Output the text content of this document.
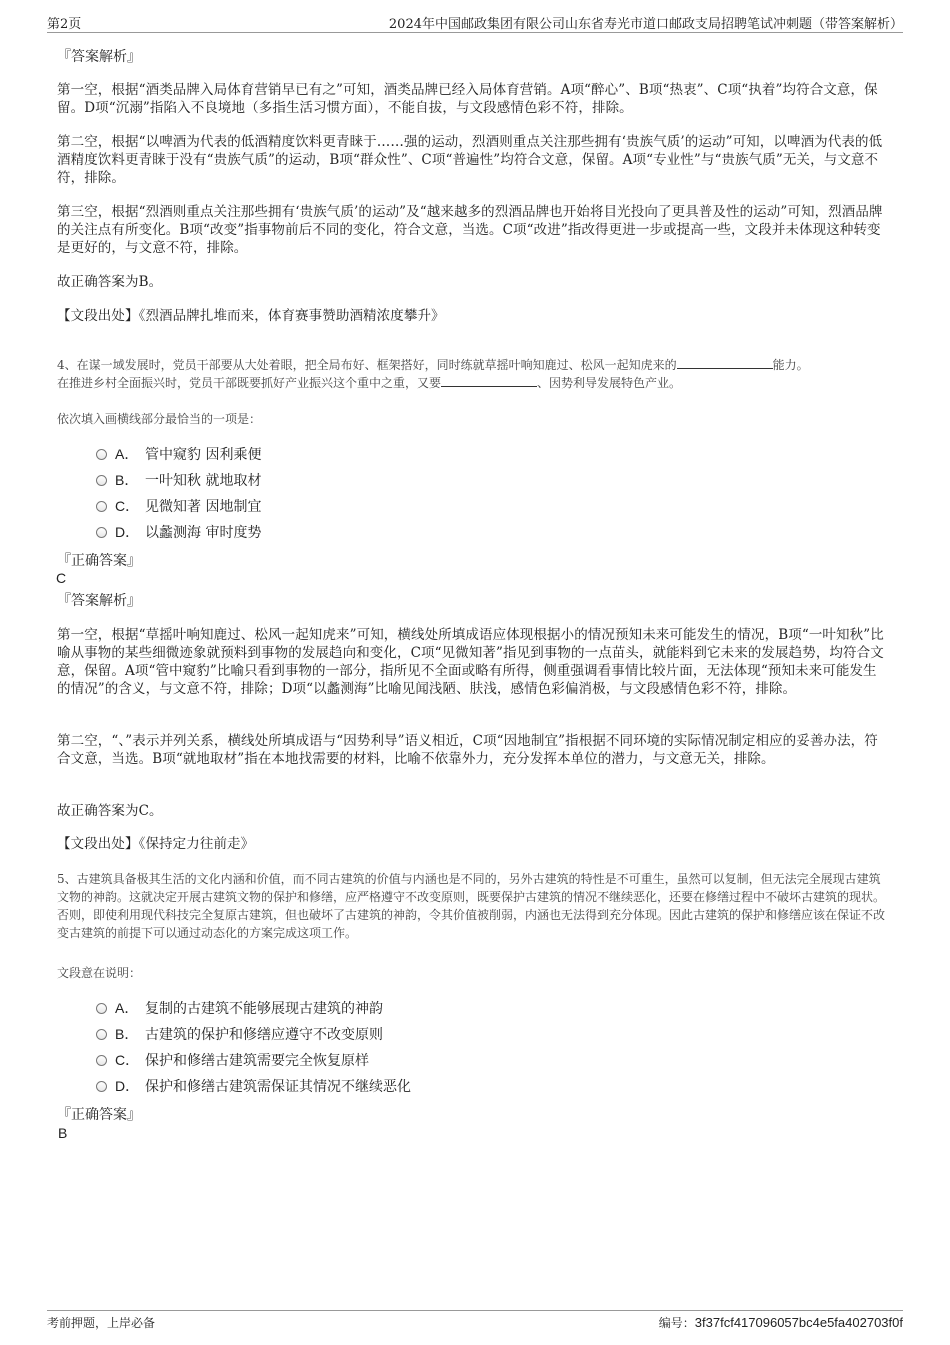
第2页	2024年中国邮政集团有限公司山东省寿光市道口邮政支局招聘笔试冲刺题（带答案解析）
『答案解析』
第一空，根据“酒类品牌入局体育营销早已有之”可知，酒类品牌已经入局体育营销。A项“醉心”、B项“热衷”、C项“执着”均符合文意，保留。D项“沉溺”指陷入不良境地（多指生活习惯方面），不能自拔，与文段感情色彩不符，排除。
第二空，根据“以啤酒为代表的低酒精度饮料更青睐于……强的运动，烈酒则重点关注那些拥有‘贵族气质’的运动”可知，以啤酒为代表的低酒精度饮料更青睐于没有“贵族气质”的运动，B项“群众性”、C项“普遍性”均符合文意，保留。A项“专业性”与“贵族气质”无关，与文意不符，排除。
第三空，根据“烈酒则重点关注那些拥有‘贵族气质’的运动”及“越来越多的烈酒品牌也开始将目光投向了更具普及性的运动”可知，烈酒品牌的关注点有所变化。B项“改变”指事物前后不同的变化，符合文意，当选。C项“改进”指改得更进一步或提高一些，文段并未体现这种转变是更好的，与文意不符，排除。
故正确答案为B。
【文段出处】《烈酒品牌扎堆而来，体育赛事赞助酒精浓度攀升》
4、在谋一域发展时，党员干部要从大处着眼，把全局布好、框架搭好，同时练就草摇叶响知鹿过、松风一起知虎来的	能力。
在推进乡村全面振兴时，党员干部既要抓好产业振兴这个重中之重，又要	、因势利导发展特色产业。
依次填入画横线部分最恰当的一项是：
A． 管中窥豹 因利乘便
B． 一叶知秋 就地取材
C． 见微知著 因地制宜
D． 以蠡测海 审时度势
『正确答案』
C
『答案解析』
第一空，根据“草摇叶响知鹿过、松风一起知虎来”可知，横线处所填成语应体现根据小的情况预知未来可能发生的情况，B项“一叶知秋”比喻从事物的某些细微迹象就预料到事物的发展趋向和变化，C项“见微知著”指见到事物的一点苗头，就能料到它未来的发展趋势，均符合文意，保留。A项“管中窥豹”比喻只看到事物的一部分，指所见不全面或略有所得，侧重强调看事情比较片面，无法体现“预知未来可能发生的情况”的含义，与文意不符，排除；D项“以蠡测海”比喻见闻浅陋、肤浅，感情色彩偏消极，与文段感情色彩不符，排除。
第二空，“、”表示并列关系，横线处所填成语与“因势利导”语义相近，C项“因地制宜”指根据不同环境的实际情况制定相应的妥善办法，符合文意，当选。B项“就地取材”指在本地找需要的材料，比喻不依靠外力，充分发挥本单位的潜力，与文意无关，排除。
故正确答案为C。
【文段出处】《保持定力往前走》
5、古建筑具备极其生活的文化内涵和价值，而不同古建筑的价值与内涵也是不同的，另外古建筑的特性是不可重生，虽然可以复制，但无法完全展现古建筑文物的神韵。这就决定开展古建筑文物的保护和修缮，应严格遵守不改变原则，既要保护古建筑的情况不继续恶化，还要在修缮过程中不破坏古建筑的现状。否则，即使利用现代科技完全复原古建筑，但也破坏了古建筑的神韵，令其价值被削弱，内涵也无法得到充分体现。因此古建筑的保护和修缮应该在保证不改变古建筑的前提下可以通过动态化的方案完成这项工作。
文段意在说明：
A． 复制的古建筑不能够展现古建筑的神韵
B． 古建筑的保护和修缮应遵守不改变原则
C． 保护和修缮古建筑需要完全恢复原样
D． 保护和修缮古建筑需保证其情况不继续恶化
『正确答案』
B
考前押题，上岸必备	编号：3f37fcf417096057bc4e5fa402703f0f
